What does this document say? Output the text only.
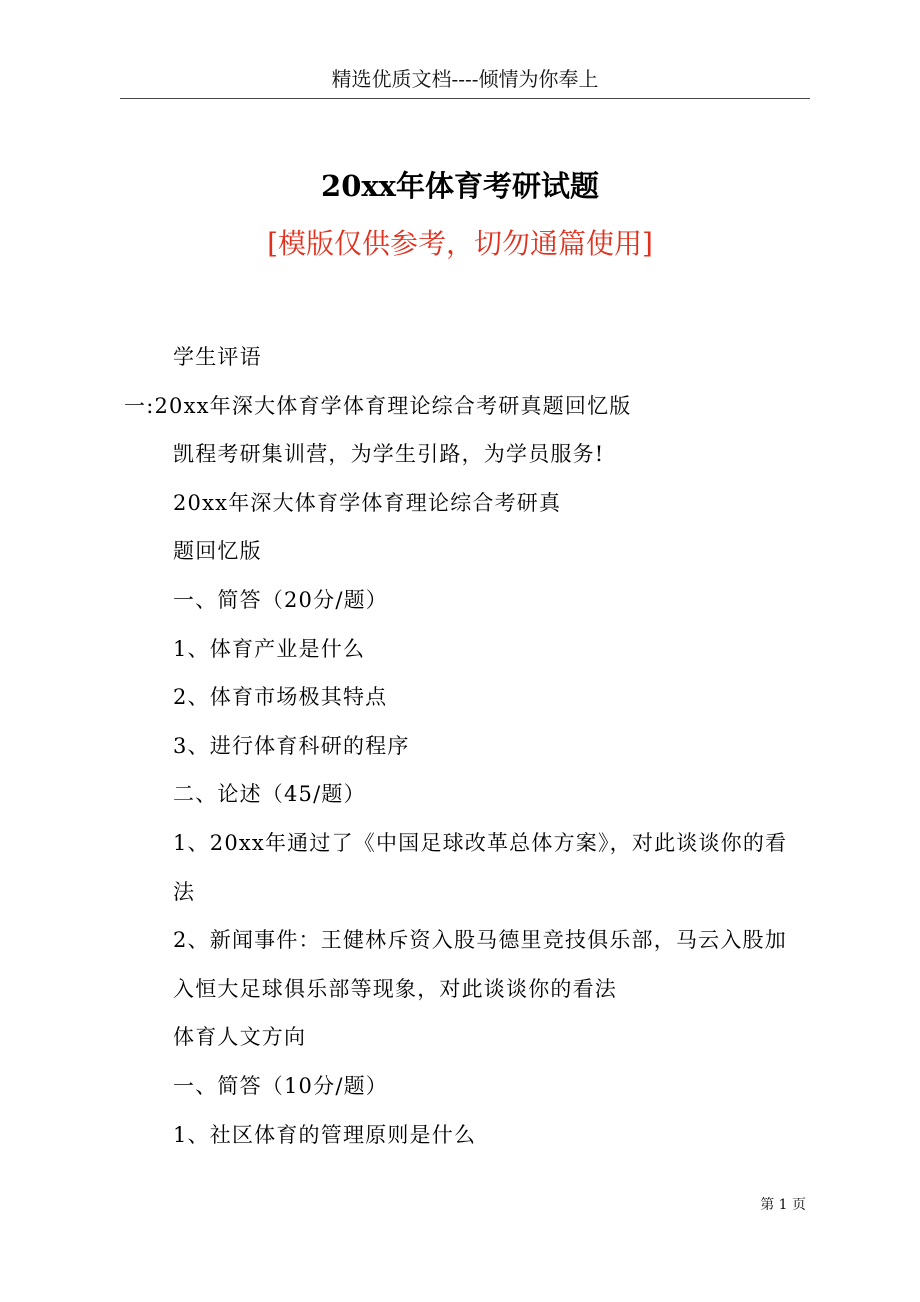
精选优质文档----倾情为你奉上
20xx年体育考研试题
[模版仅供参考，切勿通篇使用]

学生评语

一:20xx年深大体育学体育理论综合考研真题回忆版

凯程考研集训营，为学生引路，为学员服务!

20xx年深大体育学体育理论综合考研真

题回忆版

一、简答（20分/题）

1、体育产业是什么

2、体育市场极其特点

3、进行体育科研的程序

二、论述（45/题）

1、20xx年通过了《中国足球改革总体方案》，对此谈谈你的看法

2、新闻事件：王健林斥资入股马德里竞技俱乐部，马云入股加入恒大足球俱乐部等现象，对此谈谈你的看法

体育人文方向

一、简答（10分/题）

1、社区体育的管理原则是什么

第 1 页
